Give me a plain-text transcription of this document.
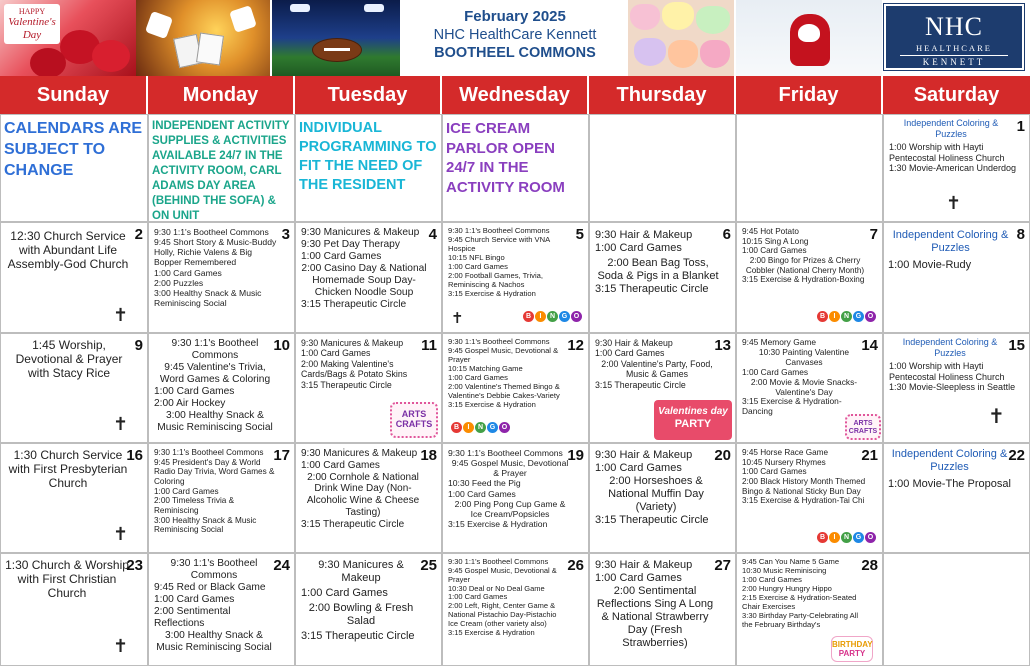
HAPPY
Valentine's
Day
February 2025
NHC HealthCare Kennett
BOOTHEEL COMMONS
NHC
HEALTHCARE
KENNETT
Sunday	Monday	Tuesday	Wednesday	Thursday	Friday	Saturday
CALENDARS ARE SUBJECT TO CHANGE
INDEPENDENT ACTIVITY SUPPLIES & ACTIVITIES AVAILABLE 24/7 IN THE ACTIVITY ROOM, CARL ADAMS DAY AREA (BEHIND THE SOFA) & ON UNIT
INDIVIDUAL PROGRAMMING TO FIT THE NEED OF THE RESIDENT
ICE CREAM PARLOR OPEN 24/7 IN THE ACTIVITY ROOM
1
Independent Coloring & Puzzles
1:00 Worship with Hayti Pentecostal Holiness Church
1:30 Movie-American Underdog
✝
2
12:30 Church Service with Abundant Life Assembly-God Church
✝
3
9:30 1:1's Bootheel Commons
9:45 Short Story & Music-Buddy Holly, Richie Valens & Big Bopper Remembered
1:00 Card Games
2:00 Puzzles
3:00 Healthy Snack & Music Reminiscing Social
4
9:30 Manicures & Makeup
9:30 Pet Day Therapy
1:00 Card Games
2:00 Casino Day & National Homemade Soup Day-Chicken Noodle Soup
3:15 Therapeutic Circle
5
9:30 1:1's Bootheel Commons
9:45 Church Service with VNA Hospice
10:15 NFL Bingo
1:00 Card Games
2:00 Football Games, Trivia, Reminiscing & Nachos
3:15 Exercise & Hydration
✝	B	I	N G O
6
9:30 Hair & Makeup
1:00 Card Games
2:00 Bean Bag Toss, Soda & Pigs in a Blanket
3:15 Therapeutic Circle
7
9:45 Hot Potato
10:15 Sing A Long
1:00 Card Games
2:00 Bingo for Prizes & Cherry Cobbler (National Cherry Month)
3:15 Exercise & Hydration-Boxing
B	I	N G O
8
Independent Coloring & Puzzles
1:00 Movie-Rudy
9
1:45 Worship, Devotional & Prayer with Stacy Rice
✝
10
9:30 1:1's Bootheel Commons
9:45 Valentine's Trivia, Word Games & Coloring
1:00 Card Games
2:00 Air Hockey
3:00 Healthy Snack & Music Reminiscing Social
11
9:30 Manicures & Makeup
1:00 Card Games
2:00 Making Valentine's Cards/Bags & Potato Skins
3:15 Therapeutic Circle
ARTS CRAFTS
12
9:30 1:1's Bootheel Commons
9:45 Gospel Music, Devotional & Prayer
10:15 Matching Game
1:00 Card Games
2:00 Valentine's Themed Bingo & Valentine's Debbie Cakes-Variety
3:15 Exercise & Hydration
B	I	N G O
13
9:30 Hair & Makeup
1:00 Card Games
2:00 Valentine's Party, Food, Music & Games
3:15 Therapeutic Circle
Valentines day
PARTY
14
9:45 Memory Game
10:30 Painting Valentine Canvases
1:00 Card Games
2:00 Movie & Movie Snacks-Valentine's Day
3:15 Exercise & Hydration-Dancing
ARTS CRAFTS
15
Independent Coloring & Puzzles
1:00 Worship with Hayti Pentecostal Holiness Church
1:30 Movie-Sleepless in Seattle
✝
16
1:30 Church Service with First Presbyterian Church
✝
17
9:30 1:1's Bootheel Commons
9:45 President's Day & World Radio Day Trivia, Word Games & Coloring
1:00 Card Games
2:00 Timeless Trivia & Reminiscing
3:00 Healthy Snack & Music Reminiscing Social
18
9:30 Manicures & Makeup
1:00 Card Games
2:00 Cornhole & National Drink Wine Day (Non-Alcoholic Wine & Cheese Tasting)
3:15 Therapeutic Circle
19
9:30 1:1's Bootheel Commons
9:45 Gospel Music, Devotional & Prayer
10:30 Feed the Pig
1:00 Card Games
2:00 Ping Pong Cup Game & Ice Cream/Popsicles
3:15 Exercise & Hydration
20
9:30 Hair & Makeup
1:00 Card Games
2:00 Horseshoes & National Muffin Day (Variety)
3:15 Therapeutic Circle
21
9:45 Horse Race Game
10:45 Nursery Rhymes
1:00 Card Games
2:00 Black History Month Themed Bingo & National Sticky Bun Day
3:15 Exercise & Hydration-Tai Chi
B	I	N G O
22
Independent Coloring & Puzzles
1:00 Movie-The Proposal
23
1:30 Church & Worship with First Christian Church
✝
24
9:30 1:1's Bootheel Commons
9:45 Red or Black Game
1:00 Card Games
2:00 Sentimental Reflections
3:00 Healthy Snack & Music Reminiscing Social
25
9:30 Manicures & Makeup
1:00 Card Games
2:00 Bowling & Fresh Salad
3:15 Therapeutic Circle
26
9:30 1:1's Bootheel Commons
9:45 Gospel Music, Devotional & Prayer
10:30 Deal or No Deal Game
1:00 Card Games
2:00 Left, Right, Center Game & National Pistachio Day-Pistachio Ice Cream (other variety also)
3:15 Exercise & Hydration
27
9:30 Hair & Makeup
1:00 Card Games
2:00 Sentimental Reflections Sing A Long & National Strawberry Day (Fresh Strawberries)
28
9:45 Can You Name 5 Game
10:30 Music Reminiscing
1:00 Card Games
2:00 Hungry Hungry Hippo
2:15 Exercise & Hydration-Seated Chair Exercises
3:30 Birthday Party-Celebrating All the February Birthday's
BIRTHDAY
PARTY
